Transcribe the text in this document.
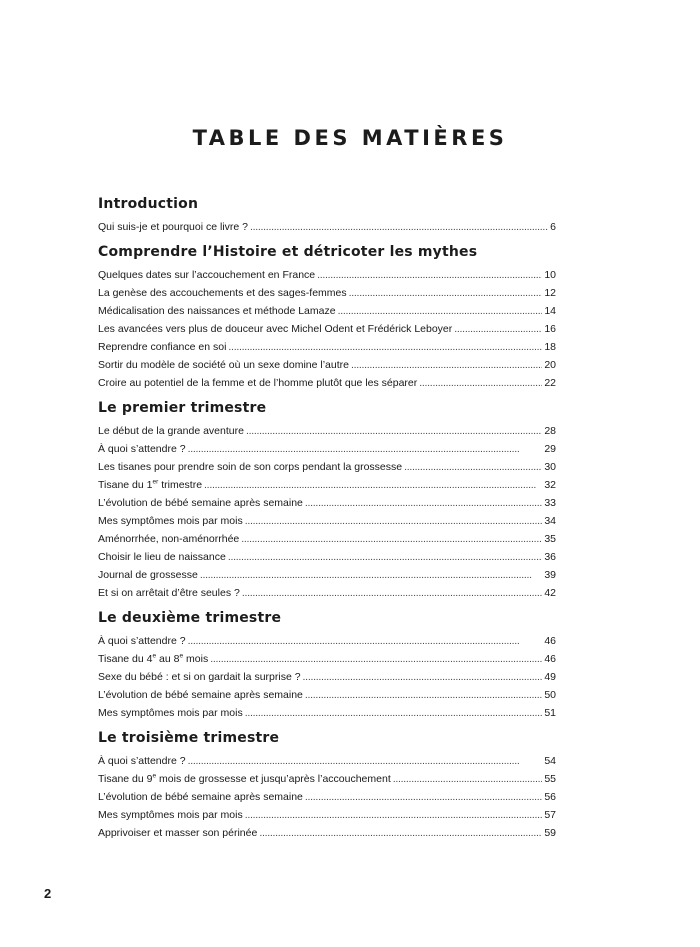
TABLE DES MATIÈRES
Introduction
Qui suis-je et pourquoi ce livre ? . . .	6
Comprendre l’Histoire et détricoter les mythes
Quelques dates sur l’accouchement en France . . .	10
La genèse des accouchements et des sages-femmes . . .	12
Médicalisation des naissances et méthode Lamaze . . .	14
Les avancées vers plus de douceur avec Michel Odent et Frédérick Leboyer . . .	16
Reprendre confiance en soi . . .	18
Sortir du modèle de société où un sexe domine l’autre . . .	20
Croire au potentiel de la femme et de l’homme plutôt que les séparer . . .	22
Le premier trimestre
Le début de la grande aventure . . .	28
À quoi s’attendre ? . . .	29
Les tisanes pour prendre soin de son corps pendant la grossesse . . .	30
Tisane du 1er trimestre . . .	32
L’évolution de bébé semaine après semaine . . .	33
Mes symptômes mois par mois . . .	34
Aménorrhée, non-aménorrhée . . .	35
Choisir le lieu de naissance . . .	36
Journal de grossesse . . .	39
Et si on arrêtait d’être seules ? . . .	42
Le deuxième trimestre
À quoi s’attendre ? . . .	46
Tisane du 4e au 8e mois . . .	46
Sexe du bébé : et si on gardait la surprise ? . . .	49
L’évolution de bébé semaine après semaine . . .	50
Mes symptômes mois par mois . . .	51
Le troisième trimestre
À quoi s’attendre ? . . .	54
Tisane du 9e mois de grossesse et jusqu’après l’accouchement . . .	55
L’évolution de bébé semaine après semaine . . .	56
Mes symptômes mois par mois . . .	57
Apprivoiser et masser son périnée . . .	59
2
